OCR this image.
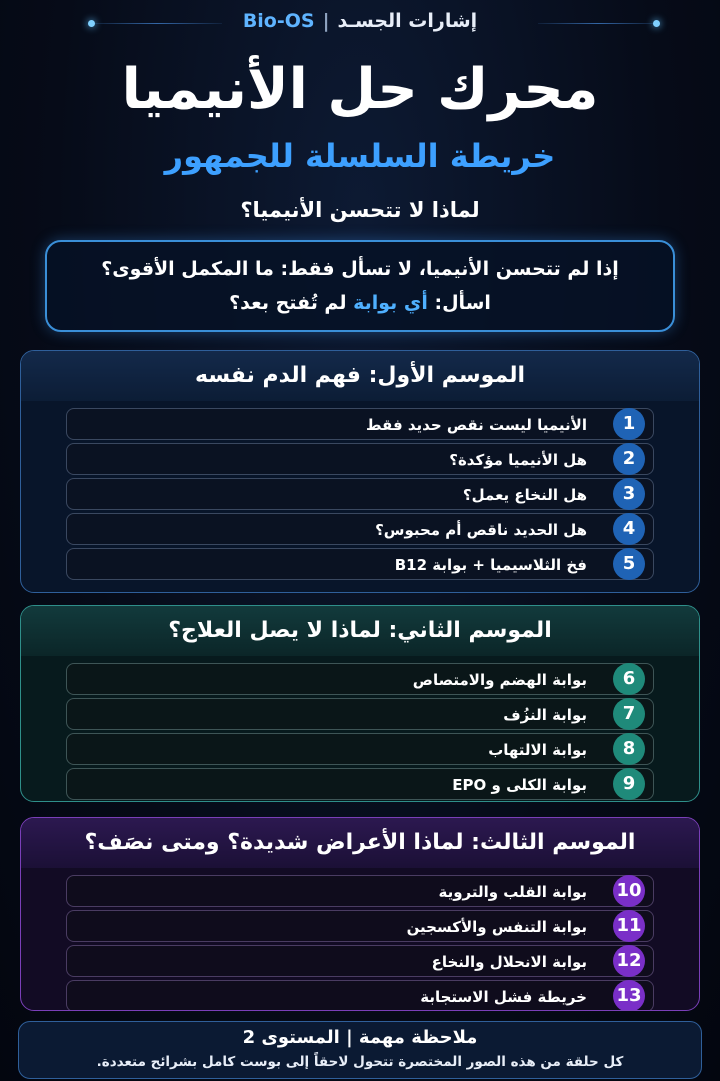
إشارات الجسـد|Bio-OS
محرك حل الأنيميا
خريطة السلسلة للجمهور
لماذا لا تتحسن الأنيميا؟
إذا لم تتحسن الأنيميا، لا تسأل فقط: ما المكمل الأقوى؟
اسأل: أي بوابة لم تُفتح بعد؟
الموسم الأول: فهم الدم نفسه
1
الأنيميا ليست نقص حديد فقط
2
هل الأنيميا مؤكدة؟
3
هل النخاع يعمل؟
4
هل الحديد ناقص أم محبوس؟
5
فخ الثلاسيميا + بوابة B12
الموسم الثاني: لماذا لا يصل العلاج؟
6
بوابة الهضم والامتصاص
7
بوابة النزُف
8
بوابة الالتهاب
9
بوابة الكلى و EPO
الموسم الثالث: لماذا الأعراض شديدة؟ ومتى نصَف؟
10
بوابة القلب والتروية
11
بوابة التنفس والأكسجين
12
بوابة الانحلال والنخاع
13
خريطة فشل الاستجابة
ملاحظة مهمة | المستوى 2
كل حلقة من هذه الصور المختصرة تتحول لاحقاً إلى بوست كامل بشرائح متعددة.
